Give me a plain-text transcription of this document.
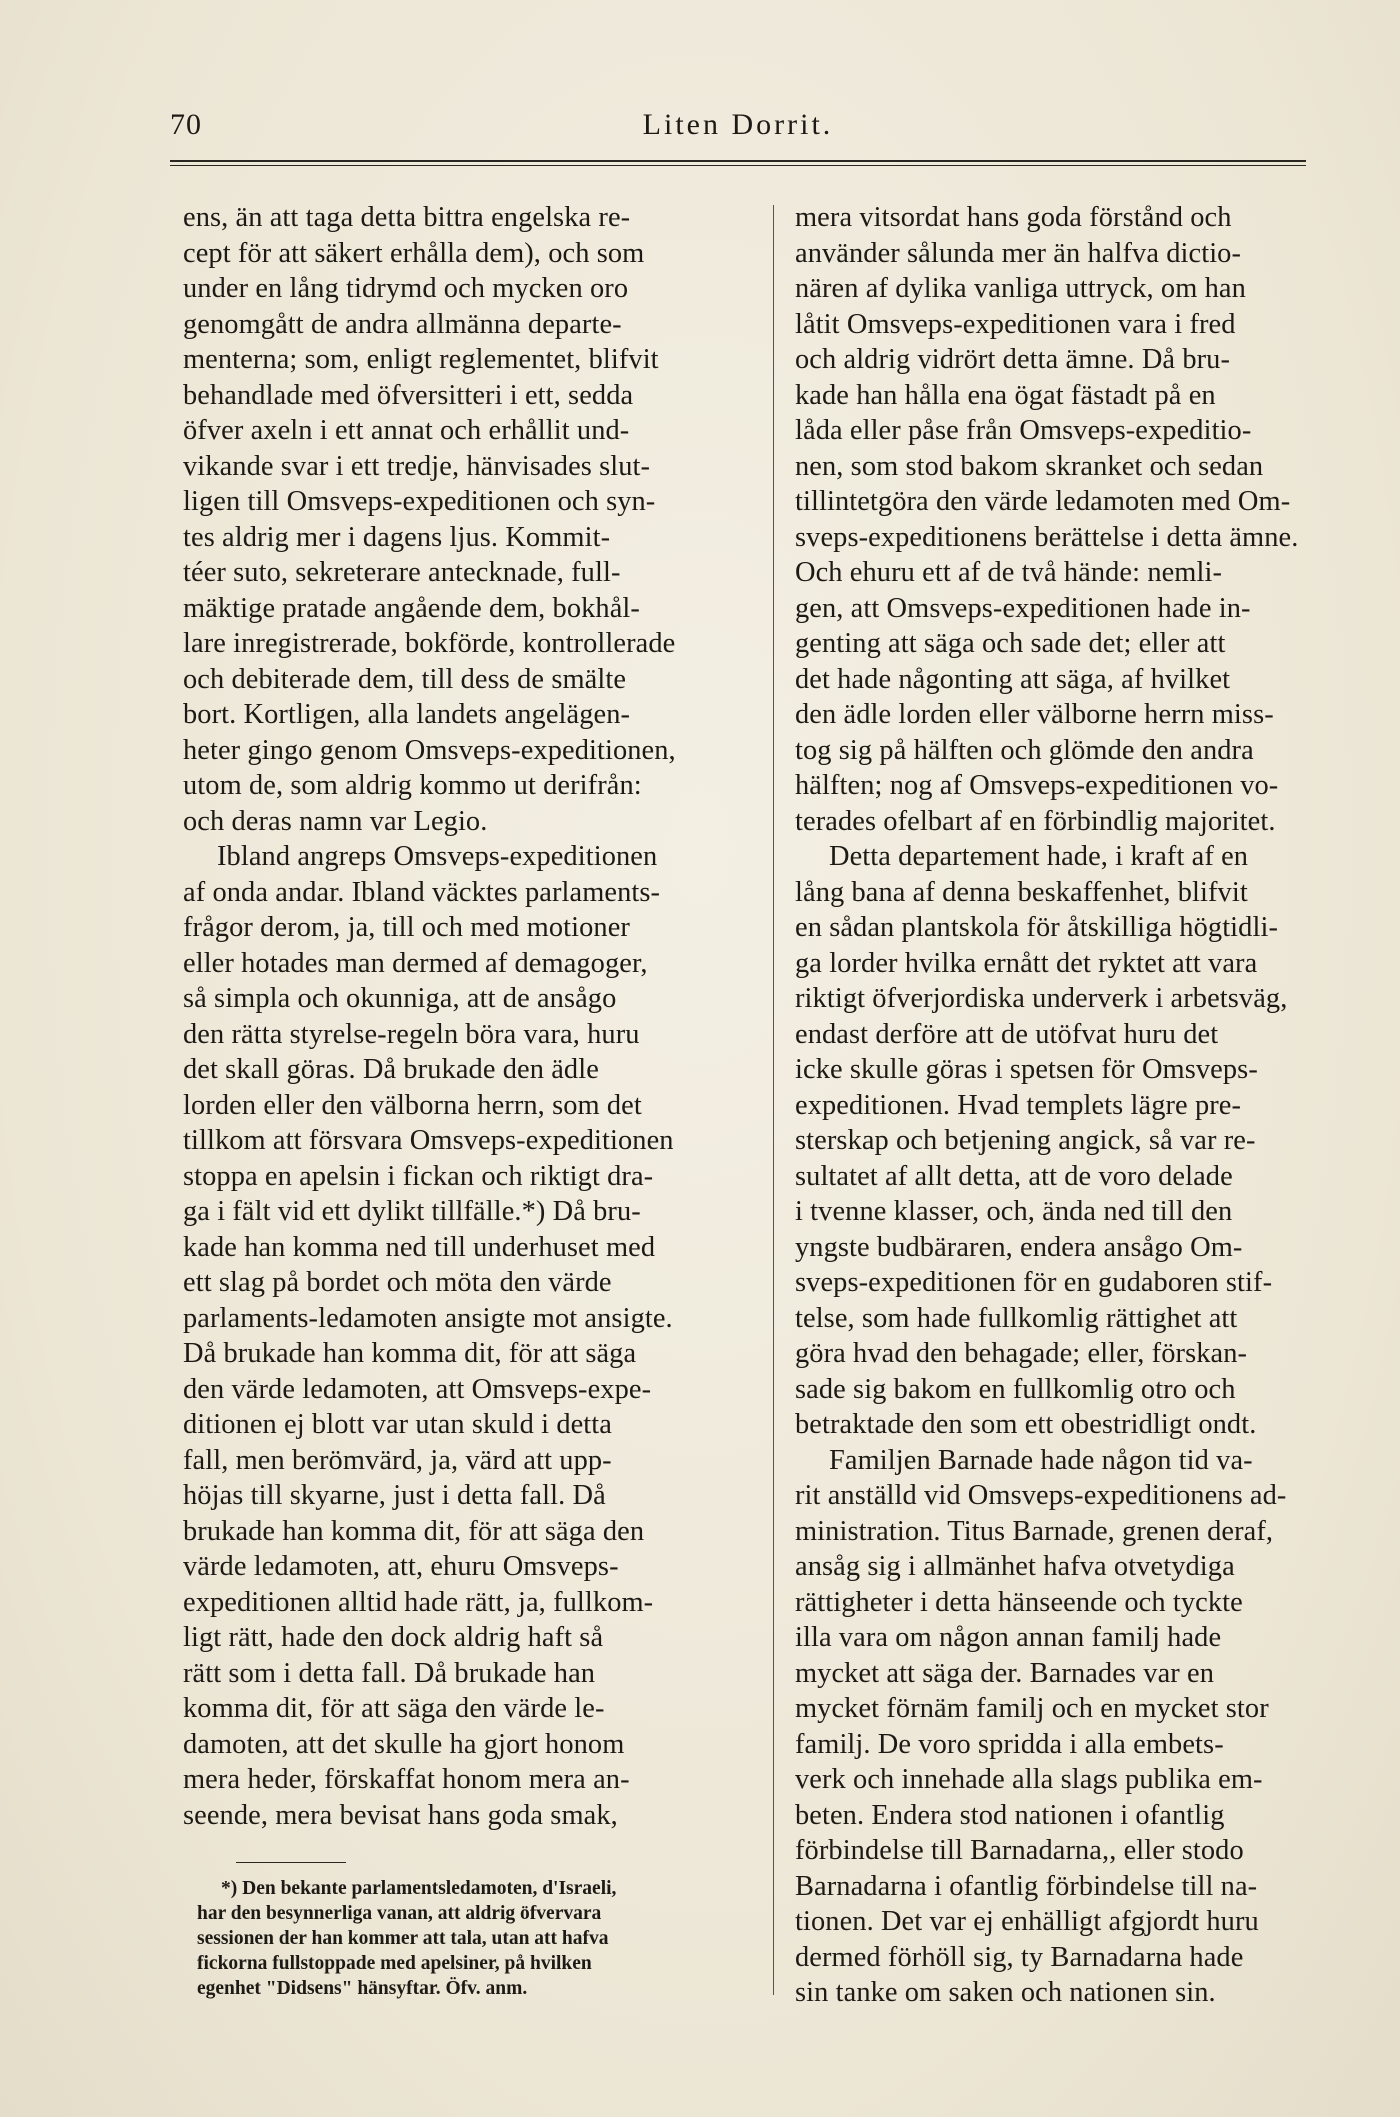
70	Liten Dorrit.
ens, än att taga detta bittra engelska re-
cept för att säkert erhålla dem), och som
under en lång tidrymd och mycken oro
genomgått de andra allmänna departe-
menterna; som, enligt reglementet, blifvit
behandlade med öfversitteri i ett, sedda
öfver axeln i ett annat och erhållit und-
vikande svar i ett tredje, hänvisades slut-
ligen till Omsveps-expeditionen och syn-
tes aldrig mer i dagens ljus. Kommit-
téer suto, sekreterare antecknade, full-
mäktige pratade angående dem, bokhål-
lare inregistrerade, bokförde, kontrollerade
och debiterade dem, till dess de smälte
bort. Kortligen, alla landets angelägen-
heter gingo genom Omsveps-expeditionen,
utom de, som aldrig kommo ut derifrån:
och deras namn var Legio.
Ibland angreps Omsveps-expeditionen
af onda andar. Ibland väcktes parlaments-
frågor derom, ja, till och med motioner
eller hotades man dermed af demagoger,
så simpla och okunniga, att de ansågo
den rätta styrelse-regeln böra vara, huru
det skall göras. Då brukade den ädle
lorden eller den välborna herrn, som det
tillkom att försvara Omsveps-expeditionen
stoppa en apelsin i fickan och riktigt dra-
ga i fält vid ett dylikt tillfälle.*) Då bru-
kade han komma ned till underhuset med
ett slag på bordet och möta den värde
parlaments-ledamoten ansigte mot ansigte.
Då brukade han komma dit, för att säga
den värde ledamoten, att Omsveps-expe-
ditionen ej blott var utan skuld i detta
fall, men berömvärd, ja, värd att upp-
höjas till skyarne, just i detta fall. Då
brukade han komma dit, för att säga den
värde ledamoten, att, ehuru Omsveps-
expeditionen alltid hade rätt, ja, fullkom-
ligt rätt, hade den dock aldrig haft så
rätt som i detta fall. Då brukade han
komma dit, för att säga den värde le-
damoten, att det skulle ha gjort honom
mera heder, förskaffat honom mera an-
seende, mera bevisat hans goda smak,
mera vitsordat hans goda förstånd och
använder sålunda mer än halfva dictio-
nären af dylika vanliga uttryck, om han
låtit Omsveps-expeditionen vara i fred
och aldrig vidrört detta ämne. Då bru-
kade han hålla ena ögat fästadt på en
låda eller påse från Omsveps-expeditio-
nen, som stod bakom skranket och sedan
tillintetgöra den värde ledamoten med Om-
sveps-expeditionens berättelse i detta ämne.
Och ehuru ett af de två hände: nemli-
gen, att Omsveps-expeditionen hade in-
genting att säga och sade det; eller att
det hade någonting att säga, af hvilket
den ädle lorden eller välborne herrn miss-
tog sig på hälften och glömde den andra
hälften; nog af Omsveps-expeditionen vo-
terades ofelbart af en förbindlig majoritet.
Detta departement hade, i kraft af en
lång bana af denna beskaffenhet, blifvit
en sådan plantskola för åtskilliga högtidli-
ga lorder hvilka ernått det ryktet att vara
riktigt öfverjordiska underverk i arbetsväg,
endast derföre att de utöfvat huru det
icke skulle göras i spetsen för Omsveps-
expeditionen. Hvad templets lägre pre-
sterskap och betjening angick, så var re-
sultatet af allt detta, att de voro delade
i tvenne klasser, och, ända ned till den
yngste budbäraren, endera ansågo Om-
sveps-expeditionen för en gudaboren stif-
telse, som hade fullkomlig rättighet att
göra hvad den behagade; eller, förskan-
sade sig bakom en fullkomlig otro och
betraktade den som ett obestridligt ondt.
Familjen Barnade hade någon tid va-
rit anställd vid Omsveps-expeditionens ad-
ministration. Titus Barnade, grenen deraf,
ansåg sig i allmänhet hafva otvetydiga
rättigheter i detta hänseende och tyckte
illa vara om någon annan familj hade
mycket att säga der. Barnades var en
mycket förnäm familj och en mycket stor
familj. De voro spridda i alla embets-
verk och innehade alla slags publika em-
beten. Endera stod nationen i ofantlig
förbindelse till Barnadarna,, eller stodo
Barnadarna i ofantlig förbindelse till na-
tionen. Det var ej enhälligt afgjordt huru
dermed förhöll sig, ty Barnadarna hade
sin tanke om saken och nationen sin.
*) Den bekante parlamentsledamoten, d'Israeli,
har den besynnerliga vanan, att aldrig öfvervara
sessionen der han kommer att tala, utan att hafva
fickorna fullstoppade med apelsiner, på hvilken
egenhet "Didsens" hänsyftar. Öfv. anm.
